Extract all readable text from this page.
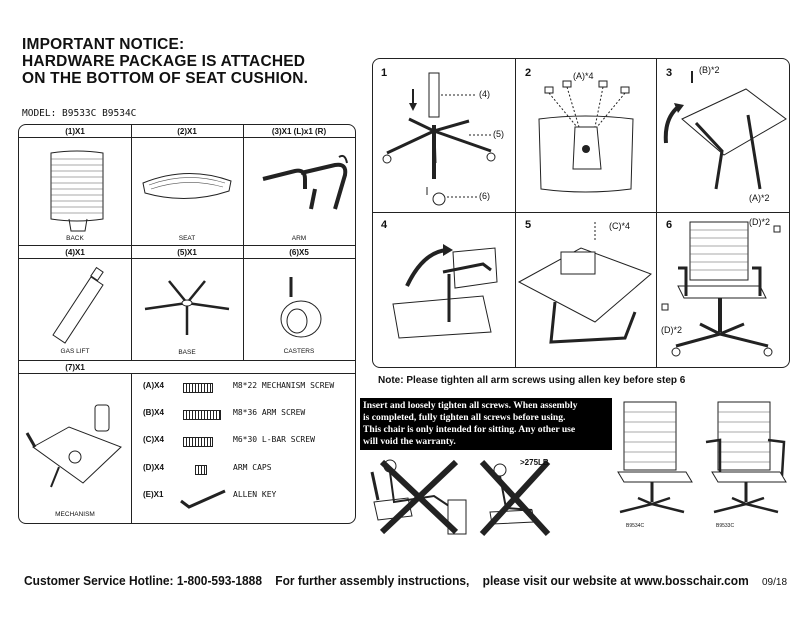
IMPORTANT NOTICE:
HARDWARE PACKAGE IS ATTACHED
ON THE BOTTOM OF SEAT CUSHION.
MODEL: B9533C B9534C
(1)X1	(2)X1	(3)X1 (L)x1 (R)
BACK	SEAT	ARM
(4)X1	(5)X1	(6)X5
GAS LIFT	BASE	CASTERS
(7)X1
MECHANISM
(A)X4	M8*22 MECHANISM SCREW
(B)X4	M8*36 ARM SCREW
(C)X4	M6*30 L-BAR SCREW
(D)X4	ARM CAPS
(E)X1	ALLEN KEY
1	2	3
4	5	6
(4)
(5)
(6)
(A)*4
(B)*2
(A)*2
(C)*4	(D)*2
(D)*2
Note: Please tighten all arm screws using allen key before step 6
Insert and loosely tighten all screws. When assembly
is completed, fully tighten all screws before using.
This chair is only intended for sitting. Any other use
will void the warranty.
>275LB
B9534C	B9533C
Customer Service Hotline: 1-800-593-1888 For further assembly instructions, please visit our website at www.bosschair.com 09/18
